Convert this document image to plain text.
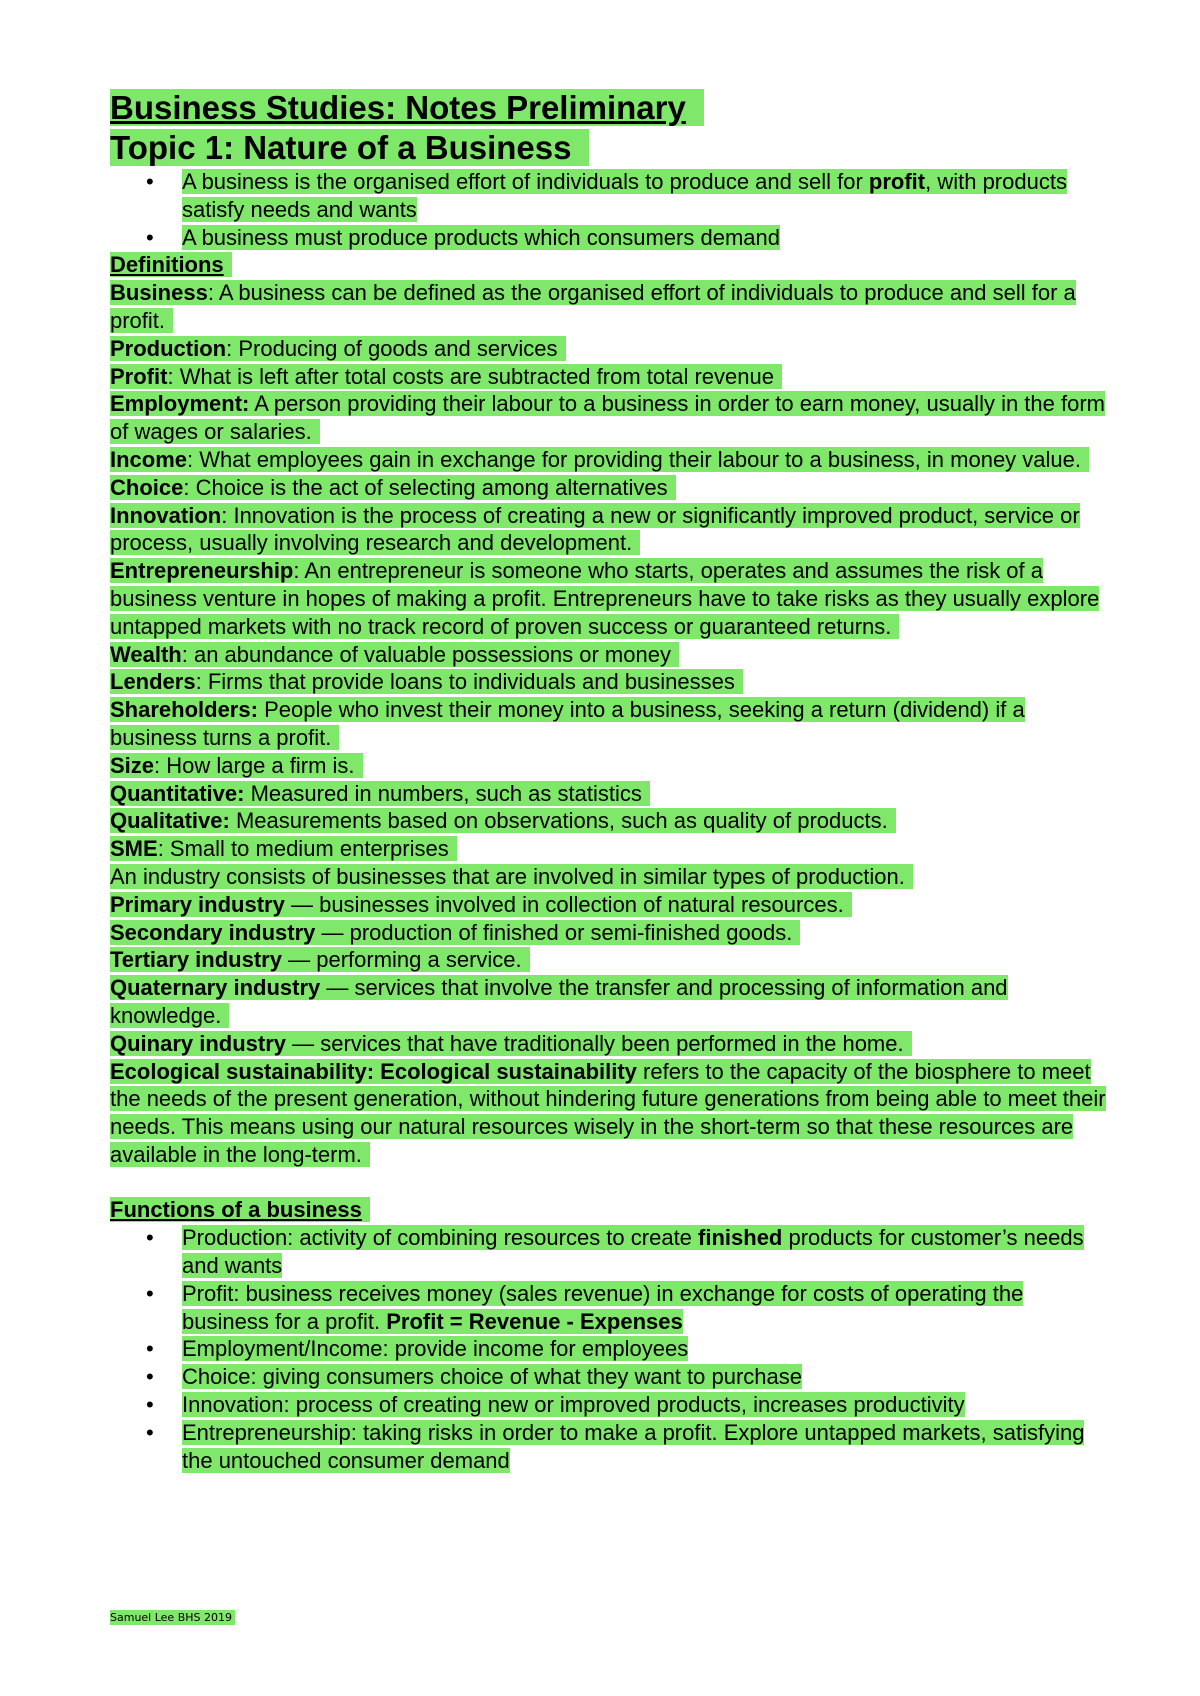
Business Studies: Notes Preliminary

Topic 1: Nature of a Business

• A business is the organised effort of individuals to produce and sell for profit, with products satisfy needs and wants
• A business must produce products which consumers demand

Definitions

Business: A business can be defined as the organised effort of individuals to produce and sell for a profit.

Production: Producing of goods and services

Profit: What is left after total costs are subtracted from total revenue

Employment: A person providing their labour to a business in order to earn money, usually in the form of wages or salaries.

Income: What employees gain in exchange for providing their labour to a business, in money value.

Choice: Choice is the act of selecting among alternatives

Innovation: Innovation is the process of creating a new or significantly improved product, service or process, usually involving research and development.

Entrepreneurship: An entrepreneur is someone who starts, operates and assumes the risk of a business venture in hopes of making a profit. Entrepreneurs have to take risks as they usually explore untapped markets with no track record of proven success or guaranteed returns.

Wealth: an abundance of valuable possessions or money

Lenders: Firms that provide loans to individuals and businesses

Shareholders: People who invest their money into a business, seeking a return (dividend) if a business turns a profit.

Size: How large a firm is.

Quantitative: Measured in numbers, such as statistics

Qualitative: Measurements based on observations, such as quality of products.

SME: Small to medium enterprises

An industry consists of businesses that are involved in similar types of production.

Primary industry — businesses involved in collection of natural resources.

Secondary industry — production of finished or semi-finished goods.

Tertiary industry — performing a service.

Quaternary industry — services that involve the transfer and processing of information and knowledge.

Quinary industry — services that have traditionally been performed in the home.

Ecological sustainability: Ecological sustainability refers to the capacity of the biosphere to meet the needs of the present generation, without hindering future generations from being able to meet their needs. This means using our natural resources wisely in the short-term so that these resources are available in the long-term.

Functions of a business

• Production: activity of combining resources to create finished products for customer’s needs and wants
• Profit: business receives money (sales revenue) in exchange for costs of operating the business for a profit. Profit = Revenue - Expenses
• Employment/Income: provide income for employees
• Choice: giving consumers choice of what they want to purchase
• Innovation: process of creating new or improved products, increases productivity
• Entrepreneurship: taking risks in order to make a profit. Explore untapped markets, satisfying the untouched consumer demand
Samuel Lee BHS 2019
